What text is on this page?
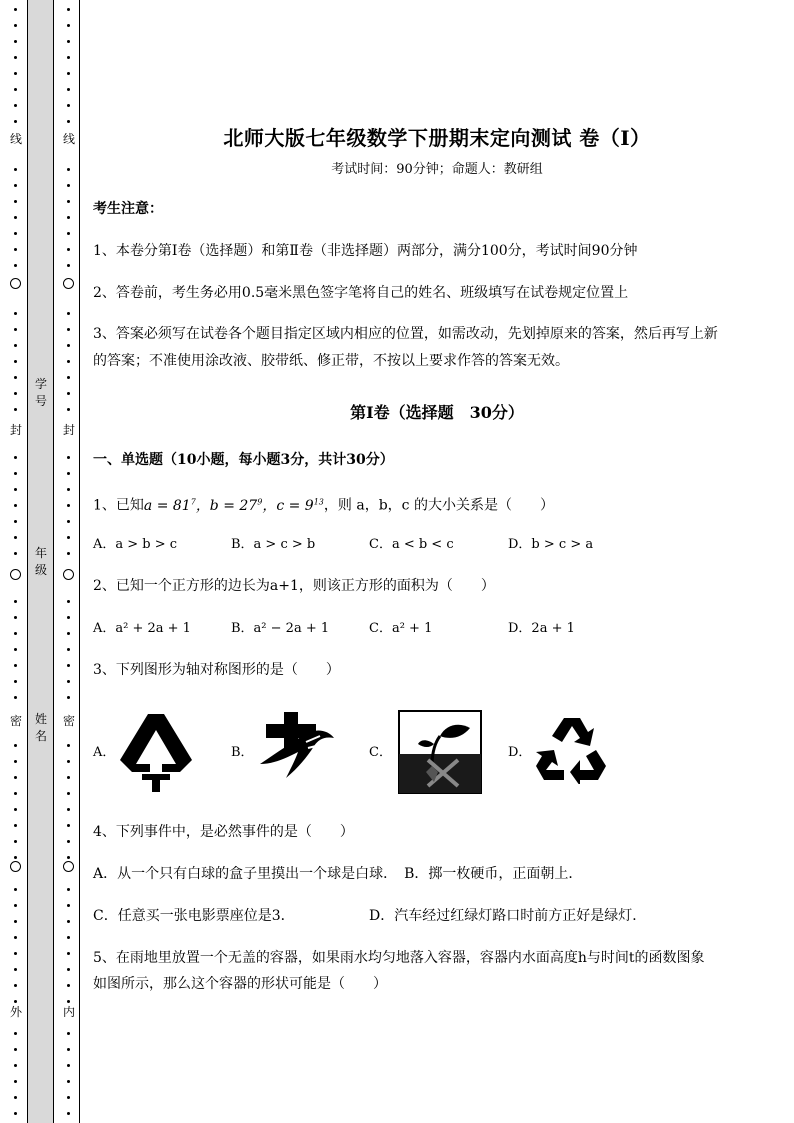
线
封
密
外
线
封
密
内
学号
年级
姓名
北师大版七年级数学下册期末定向测试 卷（Ⅰ）
考试时间：90分钟；命题人：教研组
考生注意：
1、本卷分第Ⅰ卷（选择题）和第Ⅱ卷（非选择题）两部分，满分100分，考试时间90分钟
2、答卷前，考生务必用0.5毫米黑色签字笔将自己的姓名、班级填写在试卷规定位置上
3、答案必须写在试卷各个题目指定区域内相应的位置，如需改动，先划掉原来的答案，然后再写上新
的答案；不准使用涂改液、胶带纸、修正带，不按以上要求作答的答案无效。
第Ⅰ卷（选择题　30分）
一、单选题（10小题，每小题3分，共计30分）
1、已知$a = 81^7$，$b = 27^9$，$c = 9^{13}$，则 a，b，c 的大小关系是（　　）
A．a > b > c	B．a > c > b	C．a < b < c	D．b > c > a
2、已知一个正方形的边长为a+1，则该正方形的面积为（　　）
A．a² + 2a + 1	B．a² − 2a + 1	C．a² + 1	D．2a + 1
3、下列图形为轴对称图形的是（　　）
A．	B．	C．	D．
4、下列事件中，是必然事件的是（　　）
A．从一个只有白球的盒子里摸出一个球是白球．　B．掷一枚硬币，正面朝上．
C．任意买一张电影票座位是3．	D．汽车经过红绿灯路口时前方正好是绿灯．
5、在雨地里放置一个无盖的容器，如果雨水均匀地落入容器，容器内水面高度h与时间t的函数图象
如图所示，那么这个容器的形状可能是（　　）
